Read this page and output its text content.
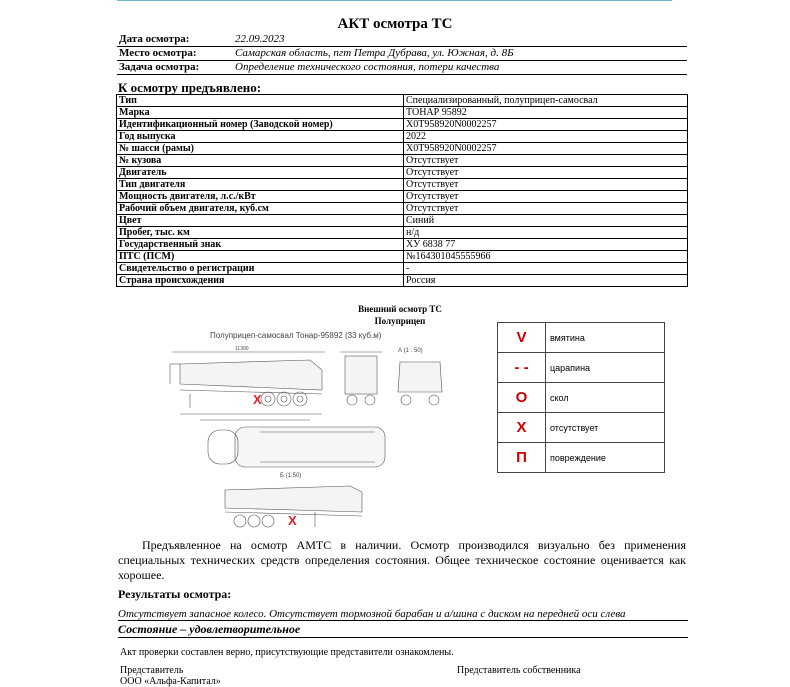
АКТ осмотра ТС
Дата осмотра:	22.09.2023
Место осмотра:	Самарская область, пгт Петра Дубрава, ул. Южная, д. 8Б
Задача осмотра:	Определение технического состояния, потери качества
К осмотру предъявлено:
Тип	Специализированный, полуприцеп-самосвал
Марка	ТОНАР 95892
Идентификационный номер (Заводской номер)	X0T958920N0002257
Год выпуска	2022
№ шасси (рамы)	X0T958920N0002257
№ кузова	Отсутствует
Двигатель	Отсутствует
Тип двигателя	Отсутствует
Мощность двигателя, л.с./кВт	Отсутствует
Рабочий объем двигателя, куб.см	Отсутствует
Цвет	Синий
Пробег, тыс. км	н/д
Государственный знак	ХУ 6838 77
ПТС (ПСМ)	№164301045555966
Свидетельство о регистрации	-
Страна происхождения	Россия
Внешний осмотр ТС
Полуприцеп
Полуприцеп-самосвал Тонар-95892 (33 куб.м)
11300
X
А (1 : 50)
Б (1:50)
X
V	вмятина
- -	царапина
O	скол
X	отсутствует
П	повреждение
Предъявленное на осмотр АМТС в наличии. Осмотр производился визуально без применения специальных технических средств определения состояния. Общее техническое состояние оценивается как хорошее.
Результаты осмотра:
Отсутствует запасное колесо. Отсутствует тормозной барабан и а/шина с диском на передней оси слева
Состояние – удовлетворительное
Акт проверки составлен верно, присутствующие представители ознакомлены.
Представитель
ООО «Альфа-Капитал»
Представитель собственника
